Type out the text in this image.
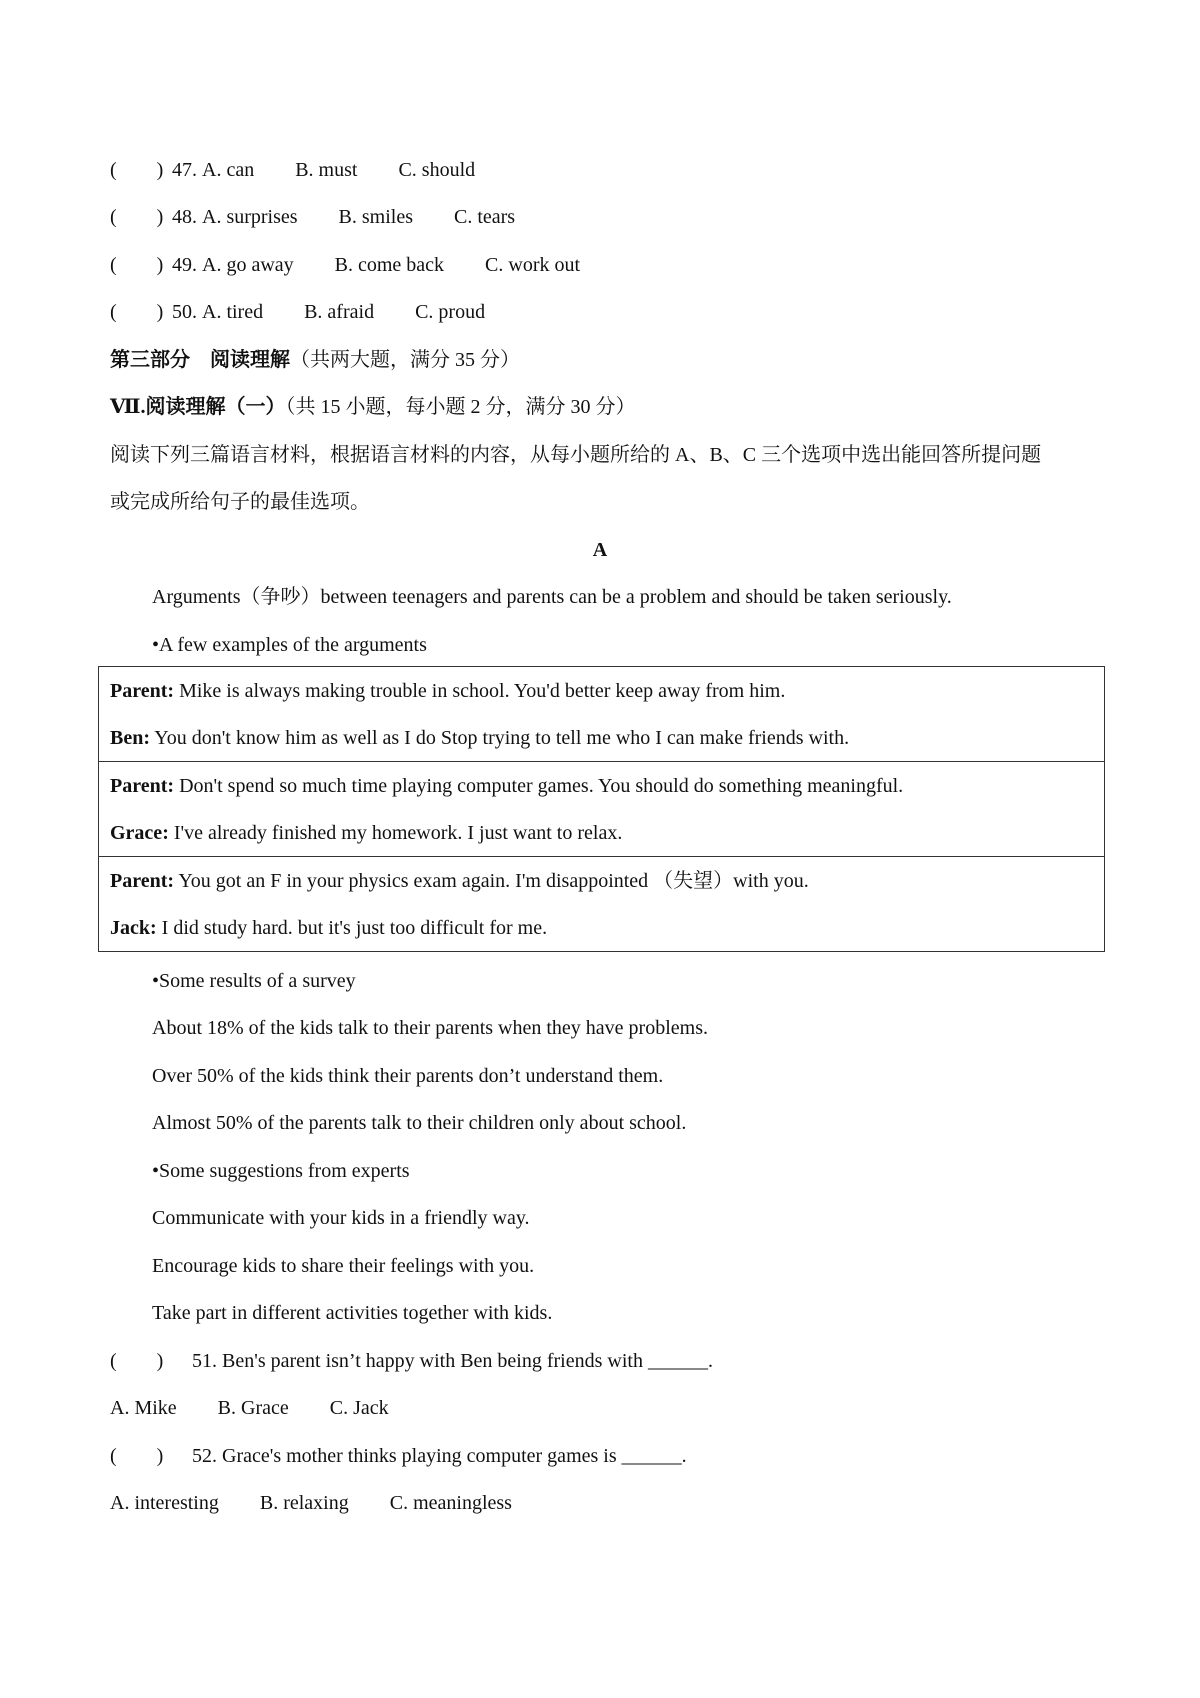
(　　) 47. A. can B. must C. should
(　　) 48. A. surprises B. smiles C. tears
(　　) 49. A. go away B. come back C. work out
(　　) 50. A. tired B. afraid C. proud
第三部分　阅读理解（共两大题，满分 35 分）
Ⅶ.阅读理解（一）（共 15 小题，每小题 2 分，满分 30 分）
阅读下列三篇语言材料，根据语言材料的内容，从每小题所给的 A、B、C 三个选项中选出能回答所提问题
或完成所给句子的最佳选项。
A
Arguments（争吵）between teenagers and parents can be a problem and should be taken seriously.
•A few examples of the arguments
Parent: Mike is always making trouble in school. You'd better keep away from him.
Ben: You don't know him as well as I do Stop trying to tell me who I can make friends with.
Parent: Don't spend so much time playing computer games. You should do something meaningful.
Grace: I've already finished my homework. I just want to relax.
Parent: You got an F in your physics exam again. I'm disappointed （失望）with you.
Jack: I did study hard. but it's just too difficult for me.
•Some results of a survey
About 18% of the kids talk to their parents when they have problems.
Over 50% of the kids think their parents don’t understand them.
Almost 50% of the parents talk to their children only about school.
•Some suggestions from experts
Communicate with your kids in a friendly way.
Encourage kids to share their feelings with you.
Take part in different activities together with kids.
(　　) 51. Ben's parent isn’t happy with Ben being friends with ______.
A. Mike B. Grace C. Jack
(　　) 52. Grace's mother thinks playing computer games is ______.
A. interesting B. relaxing C. meaningless
